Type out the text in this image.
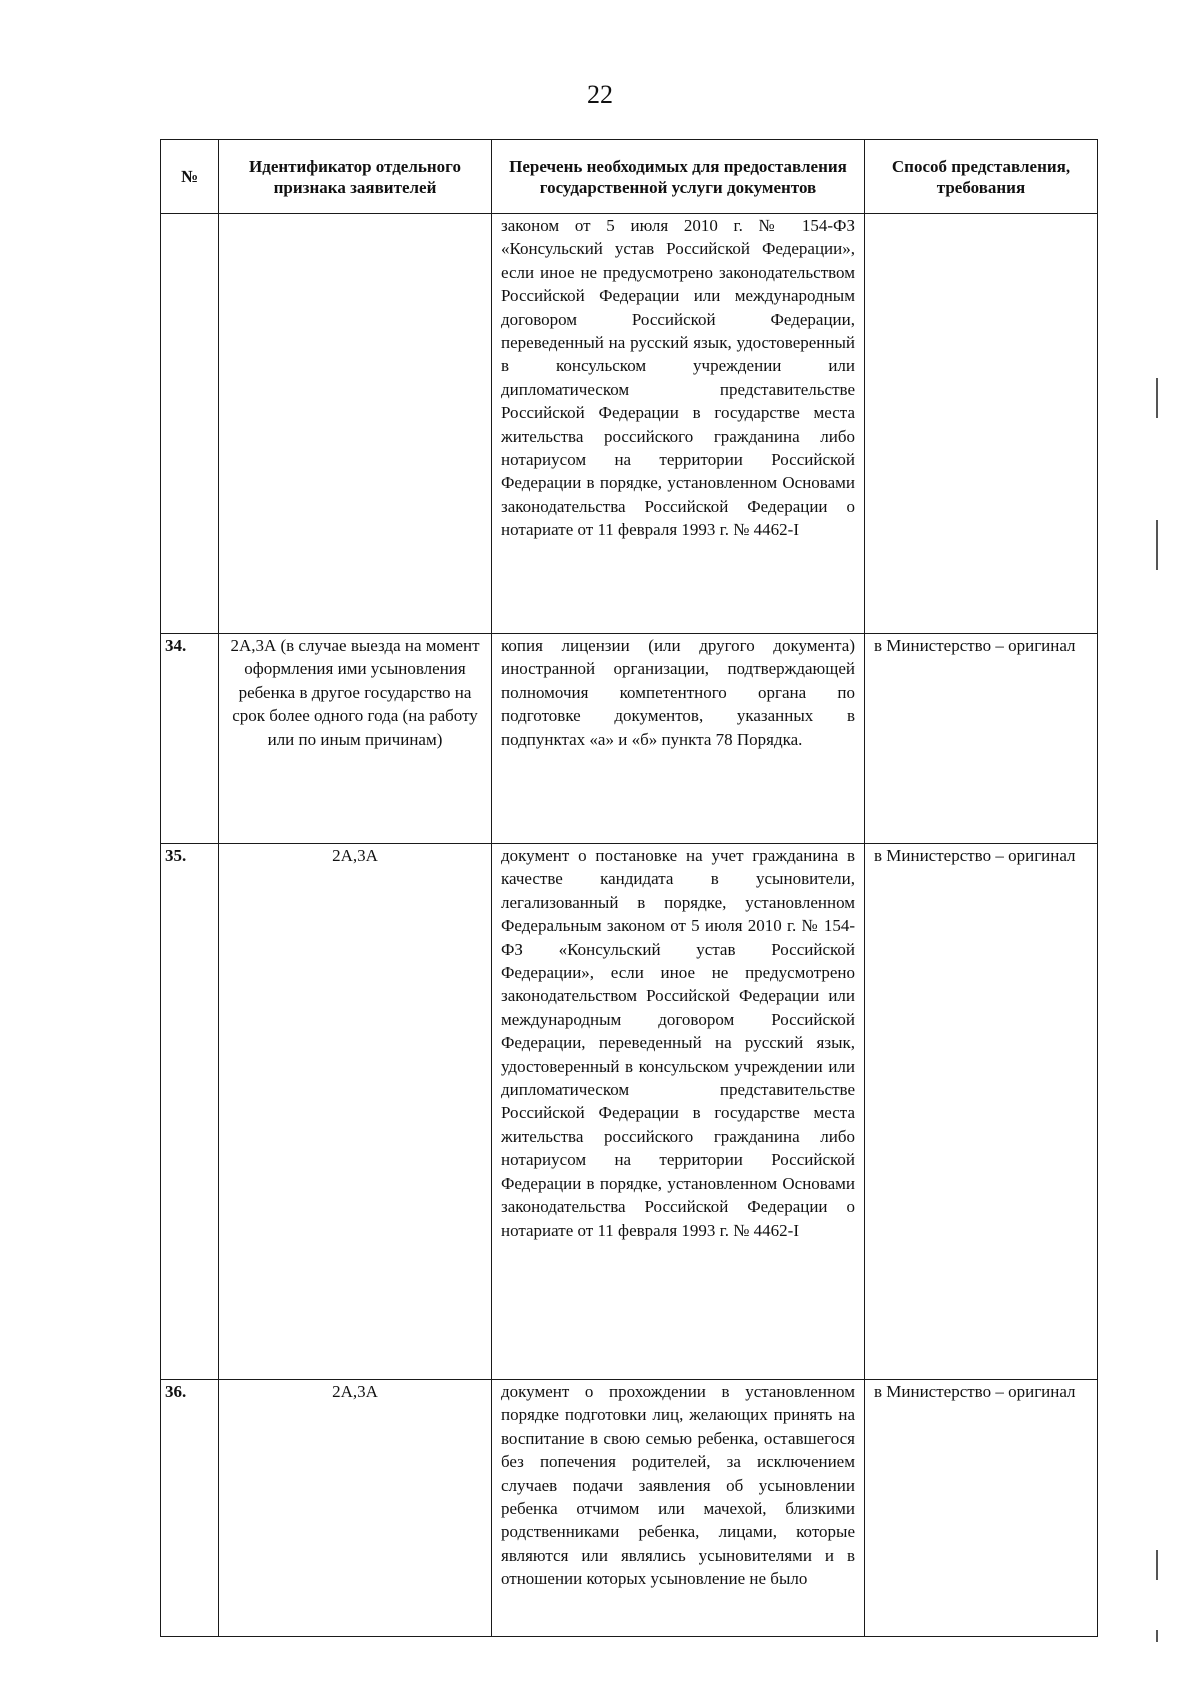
22
№	Идентификатор отдельного признака заявителей	Перечень необходимых для предоставления государственной услуги документов	Способ представления, требования
		законом от 5 июля 2010 г. № 154-ФЗ «Консульский устав Российской Федерации», если иное не предусмотрено законодательством Российской Федерации или международным договором Российской Федерации, переведенный на русский язык, удостоверенный в консульском учреждении или дипломатическом представительстве Российской Федерации в государстве места жительства российского гражданина либо нотариусом на территории Российской Федерации в порядке, установленном Основами законодательства Российской Федерации о нотариате от 11 февраля 1993 г. № 4462-I	
34.	2А,3А (в случае выезда на момент оформления ими усыновления ребенка в другое государство на срок более одного года (на работу или по иным причинам)	копия лицензии (или другого документа) иностранной организации, подтверждающей полномочия компетентного органа по подготовке документов, указанных в подпунктах «а» и «б» пункта 78 Порядка.	в Министерство – оригинал
35.	2А,3А	документ о постановке на учет гражданина в качестве кандидата в усыновители, легализованный в порядке, установленном Федеральным законом от 5 июля 2010 г. № 154-ФЗ «Консульский устав Российской Федерации», если иное не предусмотрено законодательством Российской Федерации или международным договором Российской Федерации, переведенный на русский язык, удостоверенный в консульском учреждении или дипломатическом представительстве Российской Федерации в государстве места жительства российского гражданина либо нотариусом на территории Российской Федерации в порядке, установленном Основами законодательства Российской Федерации о нотариате от 11 февраля 1993 г. № 4462-I	в Министерство – оригинал
36.	2А,3А	документ о прохождении в установленном порядке подготовки лиц, желающих принять на воспитание в свою семью ребенка, оставшегося без попечения родителей, за исключением случаев подачи заявления об усыновлении ребенка отчимом или мачехой, близкими родственниками ребенка, лицами, которые являются или являлись усыновителями и в отношении которых усыновление не было	в Министерство – оригинал
